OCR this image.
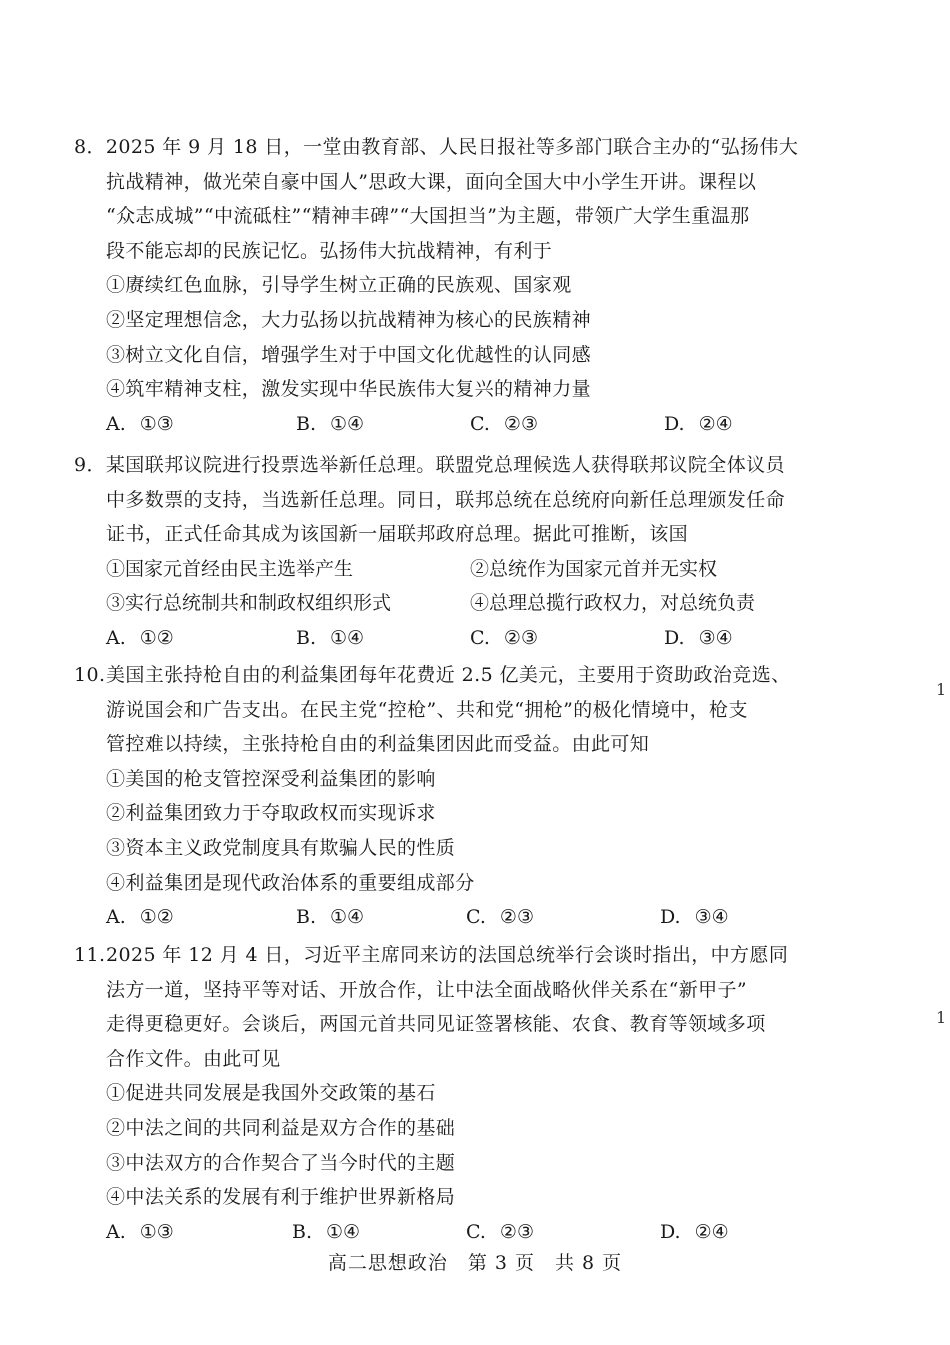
8．2025 年 9 月 18 日，一堂由教育部、人民日报社等多部门联合主办的“弘扬伟大
抗战精神，做光荣自豪中国人”思政大课，面向全国大中小学生开讲。课程以
“众志成城”“中流砥柱”“精神丰碑”“大国担当”为主题，带领广大学生重温那
段不能忘却的民族记忆。弘扬伟大抗战精神，有利于
①赓续红色血脉，引导学生树立正确的民族观、国家观
②坚定理想信念，大力弘扬以抗战精神为核心的民族精神
③树立文化自信，增强学生对于中国文化优越性的认同感
④筑牢精神支柱，激发实现中华民族伟大复兴的精神力量
A. ①③	B. ①④	C. ②③	D. ②④
9．某国联邦议院进行投票选举新任总理。联盟党总理候选人获得联邦议院全体议员
中多数票的支持，当选新任总理。同日，联邦总统在总统府向新任总理颁发任命
证书，正式任命其成为该国新一届联邦政府总理。据此可推断，该国
①国家元首经由民主选举产生	②总统作为国家元首并无实权
③实行总统制共和制政权组织形式	④总理总揽行政权力，对总统负责
A. ①②	B. ①④	C. ②③	D. ③④
10.美国主张持枪自由的利益集团每年花费近 2.5 亿美元，主要用于资助政治竞选、
游说国会和广告支出。在民主党“控枪”、共和党“拥枪”的极化情境中，枪支
管控难以持续，主张持枪自由的利益集团因此而受益。由此可知
①美国的枪支管控深受利益集团的影响
②利益集团致力于夺取政权而实现诉求
③资本主义政党制度具有欺骗人民的性质
④利益集团是现代政治体系的重要组成部分
A. ①②	B. ①④	C. ②③	D. ③④
11.2025 年 12 月 4 日，习近平主席同来访的法国总统举行会谈时指出，中方愿同
法方一道，坚持平等对话、开放合作，让中法全面战略伙伴关系在“新甲子”
走得更稳更好。会谈后，两国元首共同见证签署核能、农食、教育等领域多项
合作文件。由此可见
①促进共同发展是我国外交政策的基石
②中法之间的共同利益是双方合作的基础
③中法双方的合作契合了当今时代的主题
④中法关系的发展有利于维护世界新格局
A. ①③	B. ①④	C. ②③	D. ②④
高二思想政治　第 3 页　共 8 页
1
1
